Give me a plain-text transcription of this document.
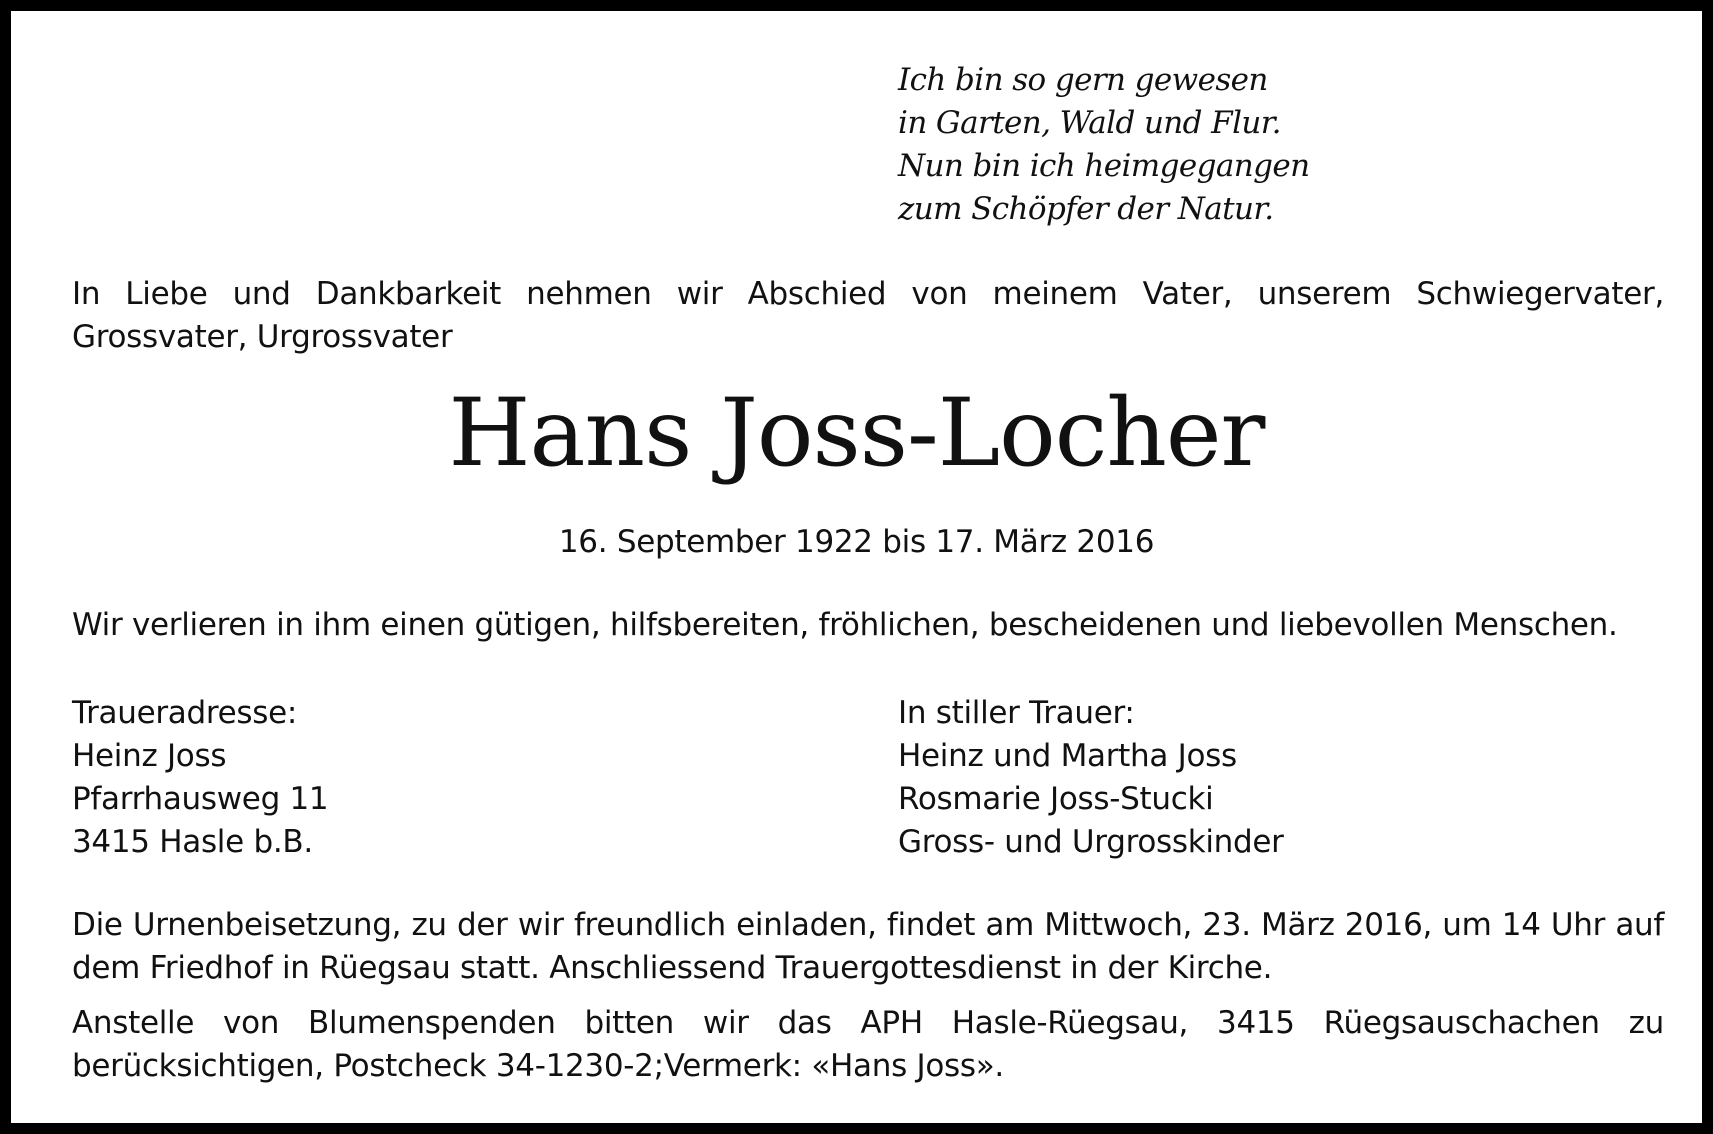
Ich bin so gern gewesen
in Garten, Wald und Flur.
Nun bin ich heimgegangen
zum Schöpfer der Natur.
In Liebe und Dankbarkeit nehmen wir Abschied von meinem Vater, unserem Schwiegervater, Grossvater, Urgrossvater
Hans Joss-Locher
16. September 1922 bis 17. März 2016
Wir verlieren in ihm einen gütigen, hilfsbereiten, fröhlichen, bescheidenen und liebevollen Menschen.
Traueradresse:
Heinz Joss
Pfarrhausweg 11
3415 Hasle b.B.
In stiller Trauer:
Heinz und Martha Joss
Rosmarie Joss-Stucki
Gross- und Urgrosskinder
Die Urnenbeisetzung, zu der wir freundlich einladen, findet am Mittwoch, 23. März 2016, um 14 Uhr auf dem Friedhof in Rüegsau statt. Anschliessend Trauergottesdienst in der Kirche.
Anstelle von Blumenspenden bitten wir das APH Hasle-Rüegsau, 3415 Rüegsauschachen zu berücksichtigen, Postcheck 34-1230-2;Vermerk: «Hans Joss».
